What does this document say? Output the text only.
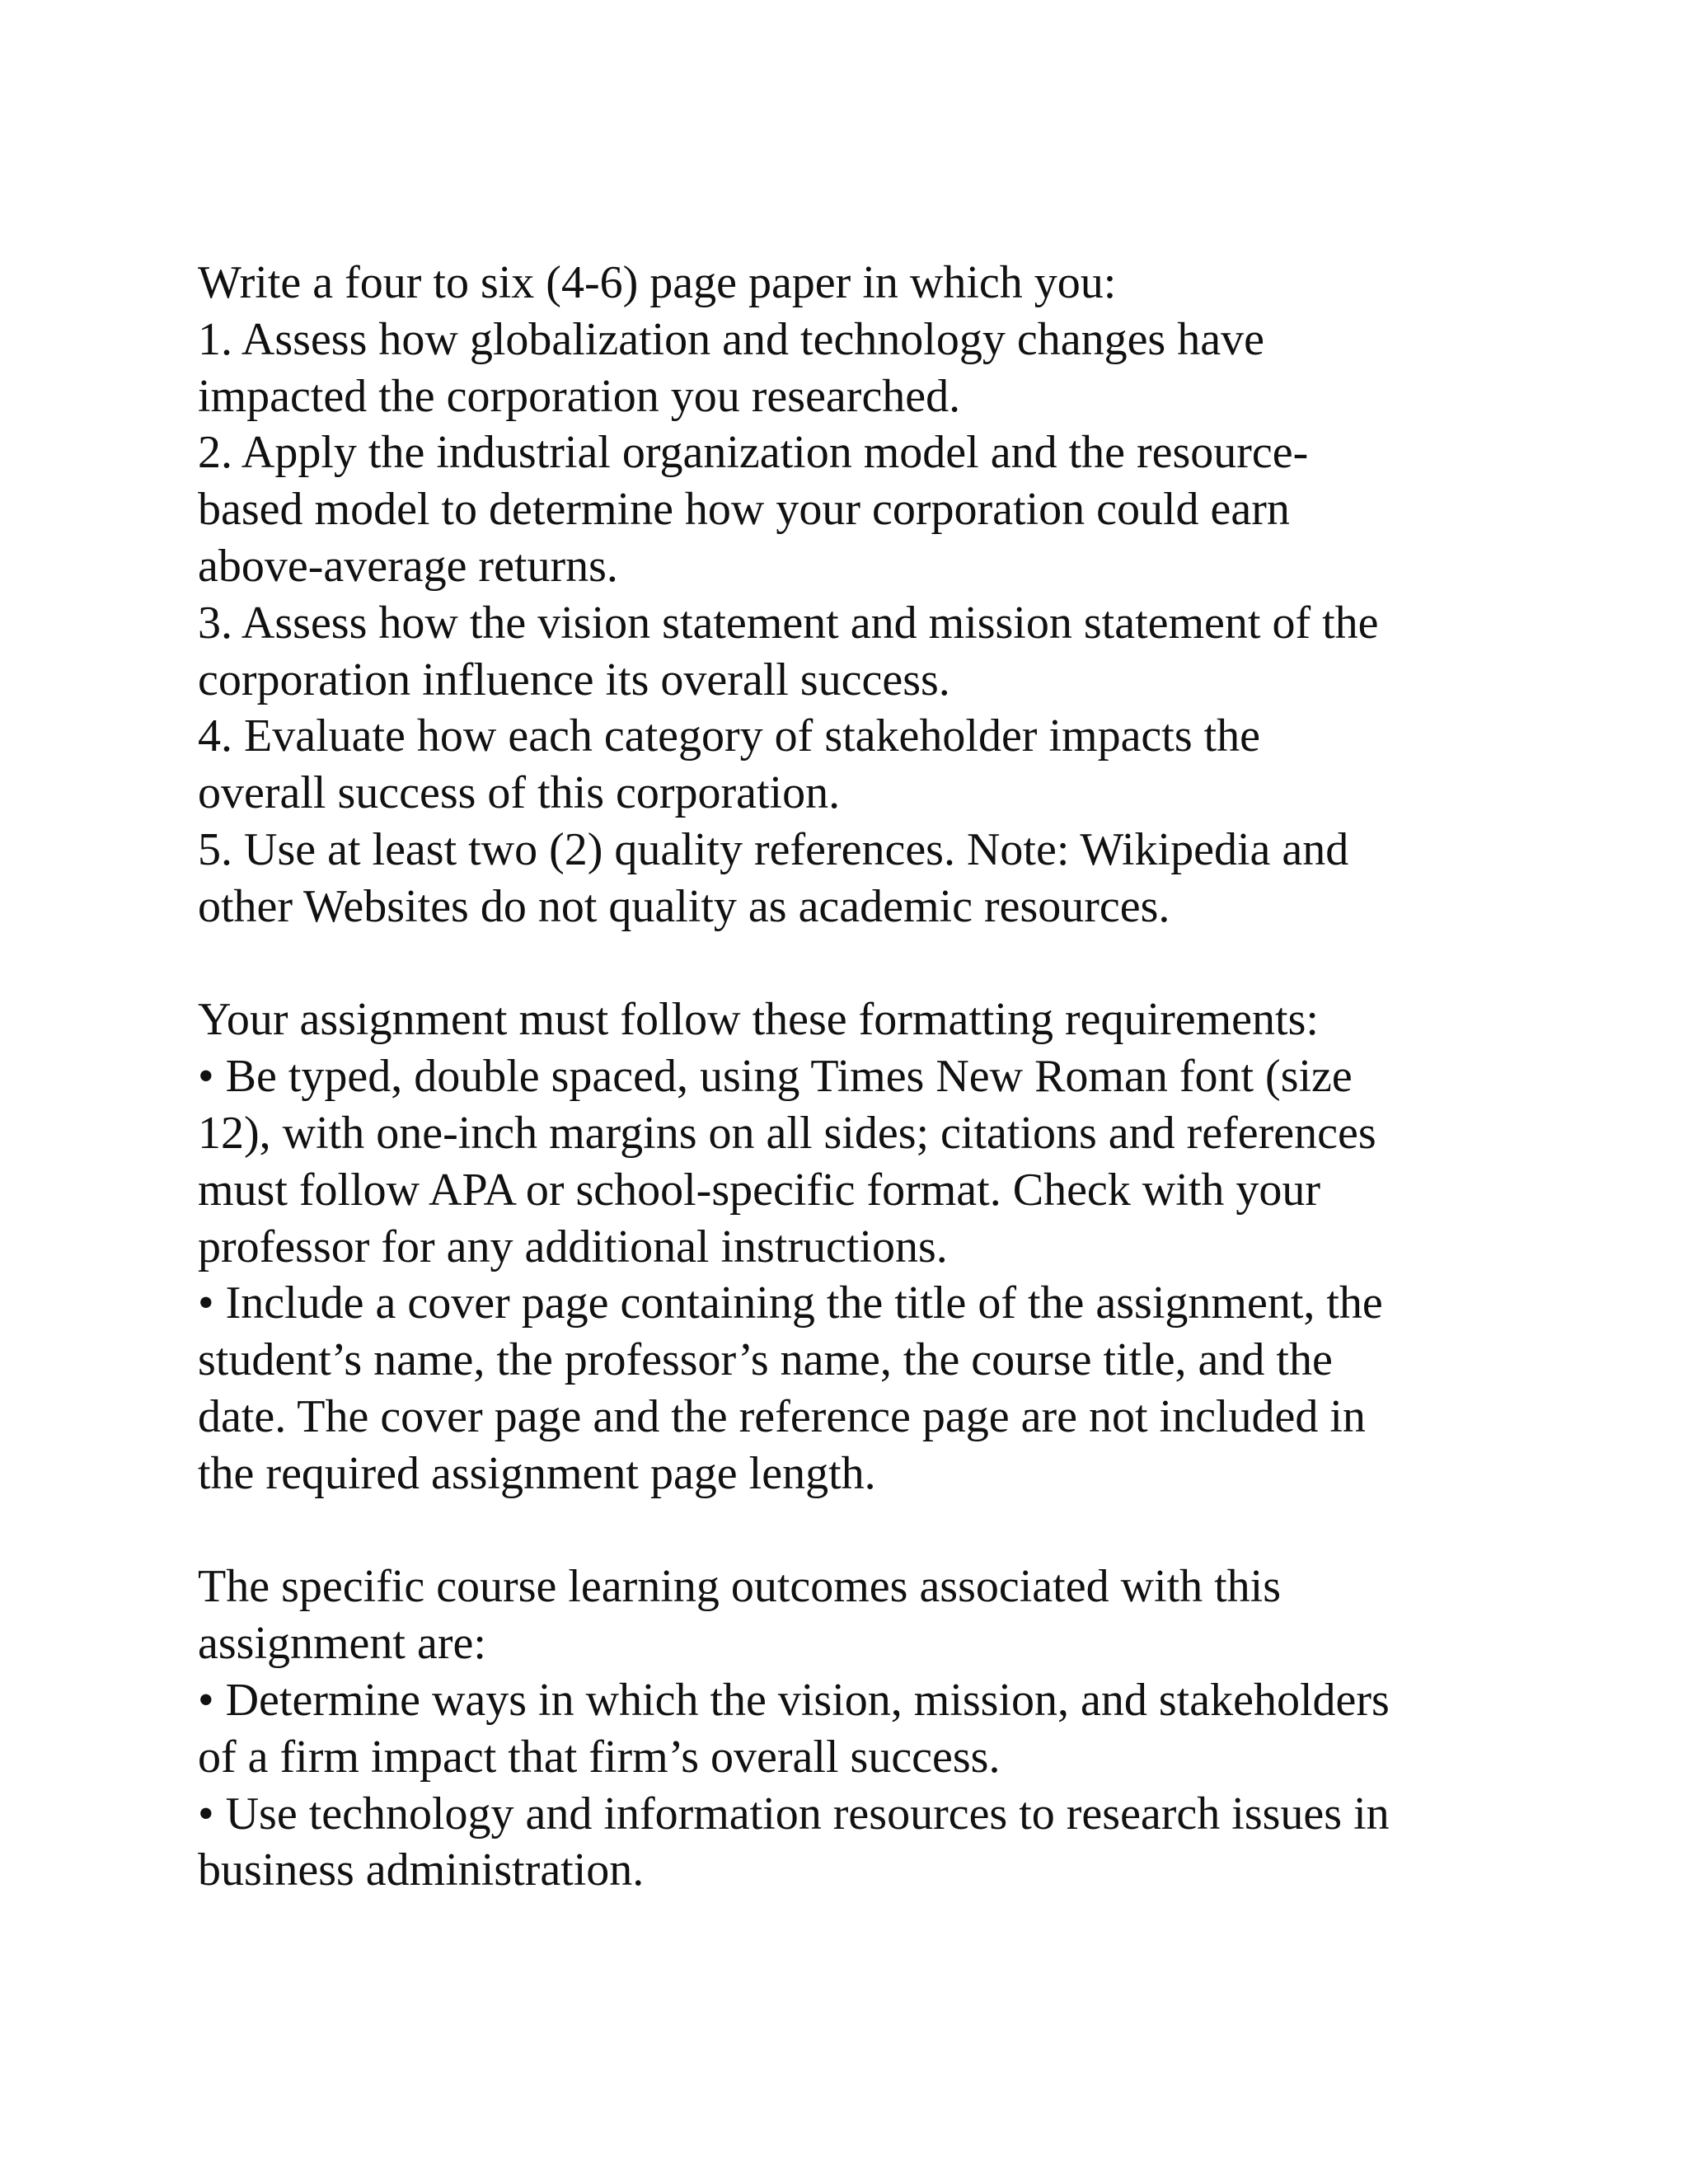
Write a four to six (4-6) page paper in which you:
1. Assess how globalization and technology changes have
impacted the corporation you researched.
2. Apply the industrial organization model and the resource-
based model to determine how your corporation could earn
above-average returns.
3. Assess how the vision statement and mission statement of the
corporation influence its overall success.
4. Evaluate how each category of stakeholder impacts the
overall success of this corporation.
5. Use at least two (2) quality references. Note: Wikipedia and
other Websites do not quality as academic resources.
Your assignment must follow these formatting requirements:
• Be typed, double spaced, using Times New Roman font (size
12), with one-inch margins on all sides; citations and references
must follow APA or school-specific format. Check with your
professor for any additional instructions.
• Include a cover page containing the title of the assignment, the
student’s name, the professor’s name, the course title, and the
date. The cover page and the reference page are not included in
the required assignment page length.
The specific course learning outcomes associated with this
assignment are:
• Determine ways in which the vision, mission, and stakeholders
of a firm impact that firm’s overall success.
• Use technology and information resources to research issues in
business administration.
